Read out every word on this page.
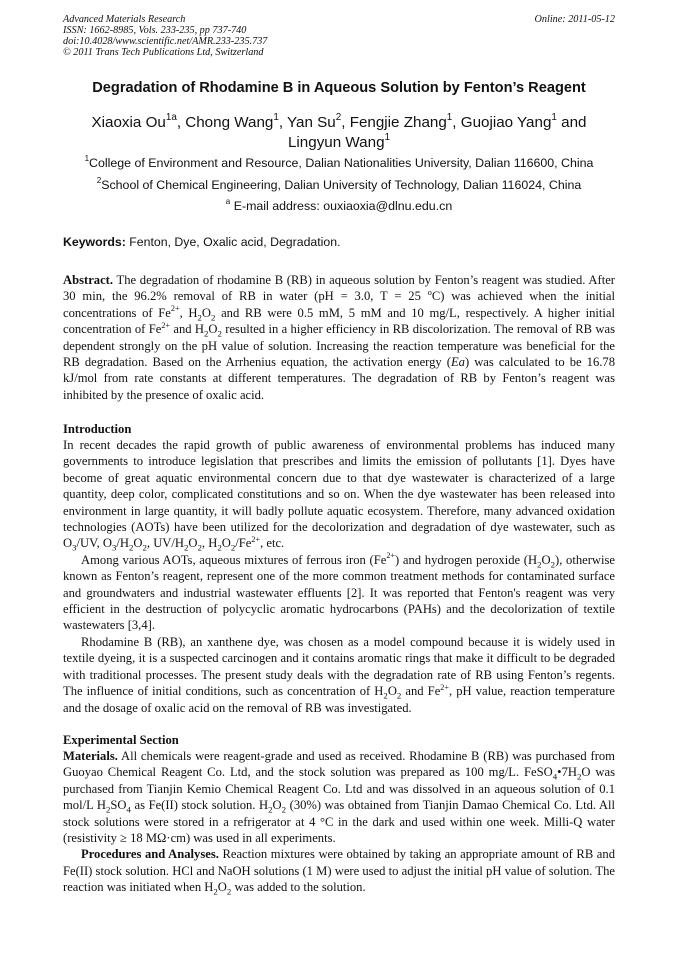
Advanced Materials Research
ISSN: 1662-8985, Vols. 233-235, pp 737-740
doi:10.4028/www.scientific.net/AMR.233-235.737
© 2011 Trans Tech Publications Ltd, Switzerland
Online: 2011-05-12
Degradation of Rhodamine B in Aqueous Solution by Fenton’s Reagent
Xiaoxia $Ou^{1a}$, Chong Wang$^1$, Yan Su$^2$, Fengjie Zhang$^1$, Guojiao Yang$^1$ and
Lingyun Wang$^1$
$^1$College of Environment and Resource, Dalian Nationalities University, Dalian 116600, China
$^2$School of Chemical Engineering, Dalian University of Technology, Dalian 116024, China
$^a$ E-mail address: ouxiaoxia@dlnu.edu.cn
Keywords: Fenton, Dye, Oxalic acid, Degradation.
Abstract. The degradation of rhodamine B (RB) in aqueous solution by Fenton’s reagent was studied. After 30 min, the 96.2% removal of RB in water (pH = 3.0, T = 25 $^o$C) was achieved when the initial concentrations of $Fe^{2+}$, $H_2O_2$ and RB were 0.5 mM, 5 mM and 10 mg/L, respectively. A higher initial concentration of $Fe^{2+}$ and $H_2O_2$ resulted in a higher efficiency in RB discolorization. The removal of RB was dependent strongly on the pH value of solution. Increasing the reaction temperature was beneficial for the RB degradation. Based on the Arrhenius equation, the activation energy (Ea) was calculated to be 16.78 kJ/mol from rate constants at different temperatures. The degradation of RB by Fenton’s reagent was inhibited by the presence of oxalic acid.
Introduction

In recent decades the rapid growth of public awareness of environmental problems has induced many governments to introduce legislation that prescribes and limits the emission of pollutants [1]. Dyes have become of great aquatic environmental concern due to that dye wastewater is characterized of a large quantity, deep color, complicated constitutions and so on. When the dye wastewater has been released into environment in large quantity, it will badly pollute aquatic ecosystem. Therefore, many advanced oxidation technologies (AOTs) have been utilized for the decolorization and degradation of dye wastewater, such as $O_3/UV$, $O_3/H_2O_2$, $UV/H_2O_2$, $H_2O_2/Fe^{2+}$, etc.

Among various AOTs, aqueous mixtures of ferrous iron $(Fe^{2+})$ and hydrogen peroxide $(H_2O_2)$, otherwise known as Fenton’s reagent, represent one of the more common treatment methods for contaminated surface and groundwaters and industrial wastewater effluents [2]. It was reported that Fenton's reagent was very efficient in the destruction of polycyclic aromatic hydrocarbons (PAHs) and the decolorization of textile wastewaters [3,4].

Rhodamine B (RB), an xanthene dye, was chosen as a model compound because it is widely used in textile dyeing, it is a suspected carcinogen and it contains aromatic rings that make it difficult to be degraded with traditional processes. The present study deals with the degradation rate of RB using Fenton’s regents. The influence of initial conditions, such as concentration of $H_2O_2$ and $Fe^{2+}$, pH value, reaction temperature and the dosage of oxalic acid on the removal of RB was investigated.

Experimental Section

Materials. All chemicals were reagent-grade and used as received. Rhodamine B (RB) was purchased from Guoyao Chemical Reagent Co. Ltd, and the stock solution was prepared as 100 mg/L. $FeSO_4•7H_2O$ was purchased from Tianjin Kemio Chemical Reagent Co. Ltd and was dissolved in an aqueous solution of 0.1 mol/L $H_2SO_4$ as Fe(II) stock solution. $H_2O_2$ (30%) was obtained from Tianjin Damao Chemical Co. Ltd. All stock solutions were stored in a refrigerator at 4 °C in the dark and used within one week. Milli-Q water (resistivity ≥ 18 MΩ·cm) was used in all experiments.

Procedures and Analyses. Reaction mixtures were obtained by taking an appropriate amount of RB and Fe(II) stock solution. HCl and NaOH solutions (1 M) were used to adjust the initial pH value of solution. The reaction was initiated when $H_2O_2$ was added to the solution.
